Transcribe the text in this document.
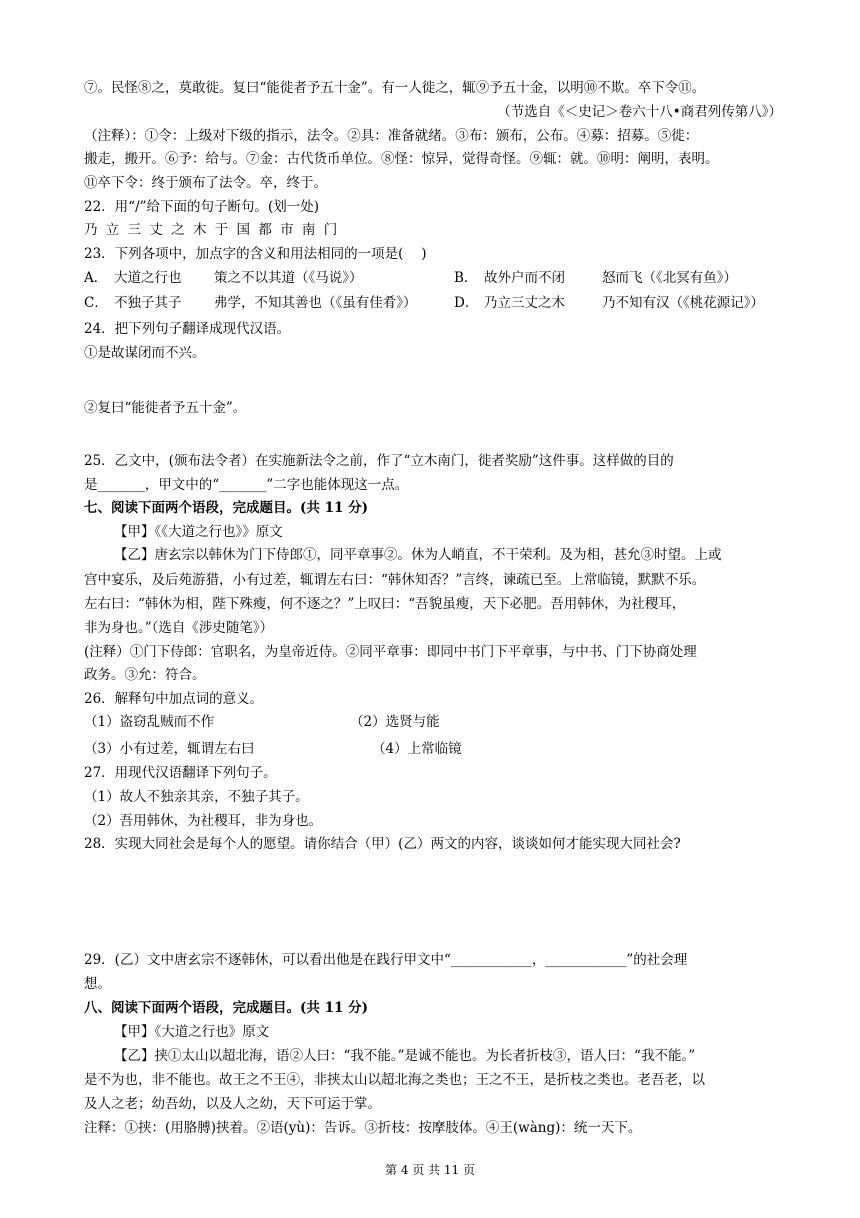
⑦。民怪⑧之，莫敢徙。复曰“能徙者予五十金”。有一人徙之，辄⑨予五十金，以明⑩不欺。卒下令⑪。
（节选自《＜史记＞卷六十八•商君列传第八》）
（注释）：①令：上级对下级的指示，法令。②具：准备就绪。③布：颁布，公布。④募：招募。⑤徙：
搬走，搬开。⑥予：给与。⑦金：古代货币单位。⑧怪：惊异，觉得奇怪。⑨辄：就。⑩明：阐明，表明。
⑪卒下令：终于颁布了法令。卒，终于。
22．用“/”给下面的句子断句。(划一处)
乃 立 三 丈 之 木 于 国 都 市 南 门
23．下列各项中，加点字的含义和用法相同的一项是(　 )
A． 大道之行也	策之不以其道（《马说》）	B． 故外户而不闭	怒而飞（《北冥有鱼》）
C． 不独子其子	弗学，不知其善也（《虽有佳肴》）	D． 乃立三丈之木	乃不知有汉（《桃花源记》）
24．把下列句子翻译成现代汉语。
①是故谋闭而不兴。
②复曰“能徙者予五十金”。
25．乙文中，(颁布法令者）在实施新法令之前，作了“立木南门，徙者奖励”这件事。这样做的目的
是_______，甲文中的“_______”二字也能体现这一点。
七、阅读下面两个语段，完成题目。(共 11 分)
【甲】《《大道之行也》》原文
【乙】唐玄宗以韩休为门下侍郎①，同平章事②。休为人峭直，不干荣利。及为相，甚允③时望。上或
宫中宴乐，及后苑游猎，小有过差，辄谓左右曰：“韩休知否？”言终，谏疏已至。上常临镜，默默不乐。
左右曰：“韩休为相，陛下殊瘦，何不逐之？”上叹曰：“吾貌虽瘦，天下必肥。吾用韩休，为社稷耳，
非为身也。”（选自《涉史随笔》）
(注释）①门下侍郎：官职名，为皇帝近侍。②同平章事：即同中书门下平章事，与中书、门下协商处理
政务。③允：符合。
26．解释句中加点词的意义。
（1）盗窃乱贼而不作	（2）选贤与能
（3）小有过差，辄谓左右曰	（4）上常临镜
27．用现代汉语翻译下列句子。
（1）故人不独亲其亲，不独子其子。
（2）吾用韩休，为社稷耳，非为身也。
28．实现大同社会是每个人的愿望。请你结合（甲）(乙）两文的内容，谈谈如何才能实现大同社会?
29．(乙）文中唐玄宗不逐韩休，可以看出他是在践行甲文中“____________，____________”的社会理
想。
八、阅读下面两个语段，完成题目。(共 11 分)
【甲】《大道之行也》原文
【乙】挟①太山以超北海，语②人曰：“我不能。”是诚不能也。为长者折枝③，语人曰：“我不能。”
是不为也，非不能也。故王之不王④，非挟太山以超北海之类也；王之不王，是折枝之类也。老吾老，以
及人之老；幼吾幼，以及人之幼，天下可运于掌。
注释：①挟：(用胳膊)挟着。②语(yù)：告诉。③折枝：按摩肢体。④王(wàng)：统一天下。
第 4 页 共 11 页
